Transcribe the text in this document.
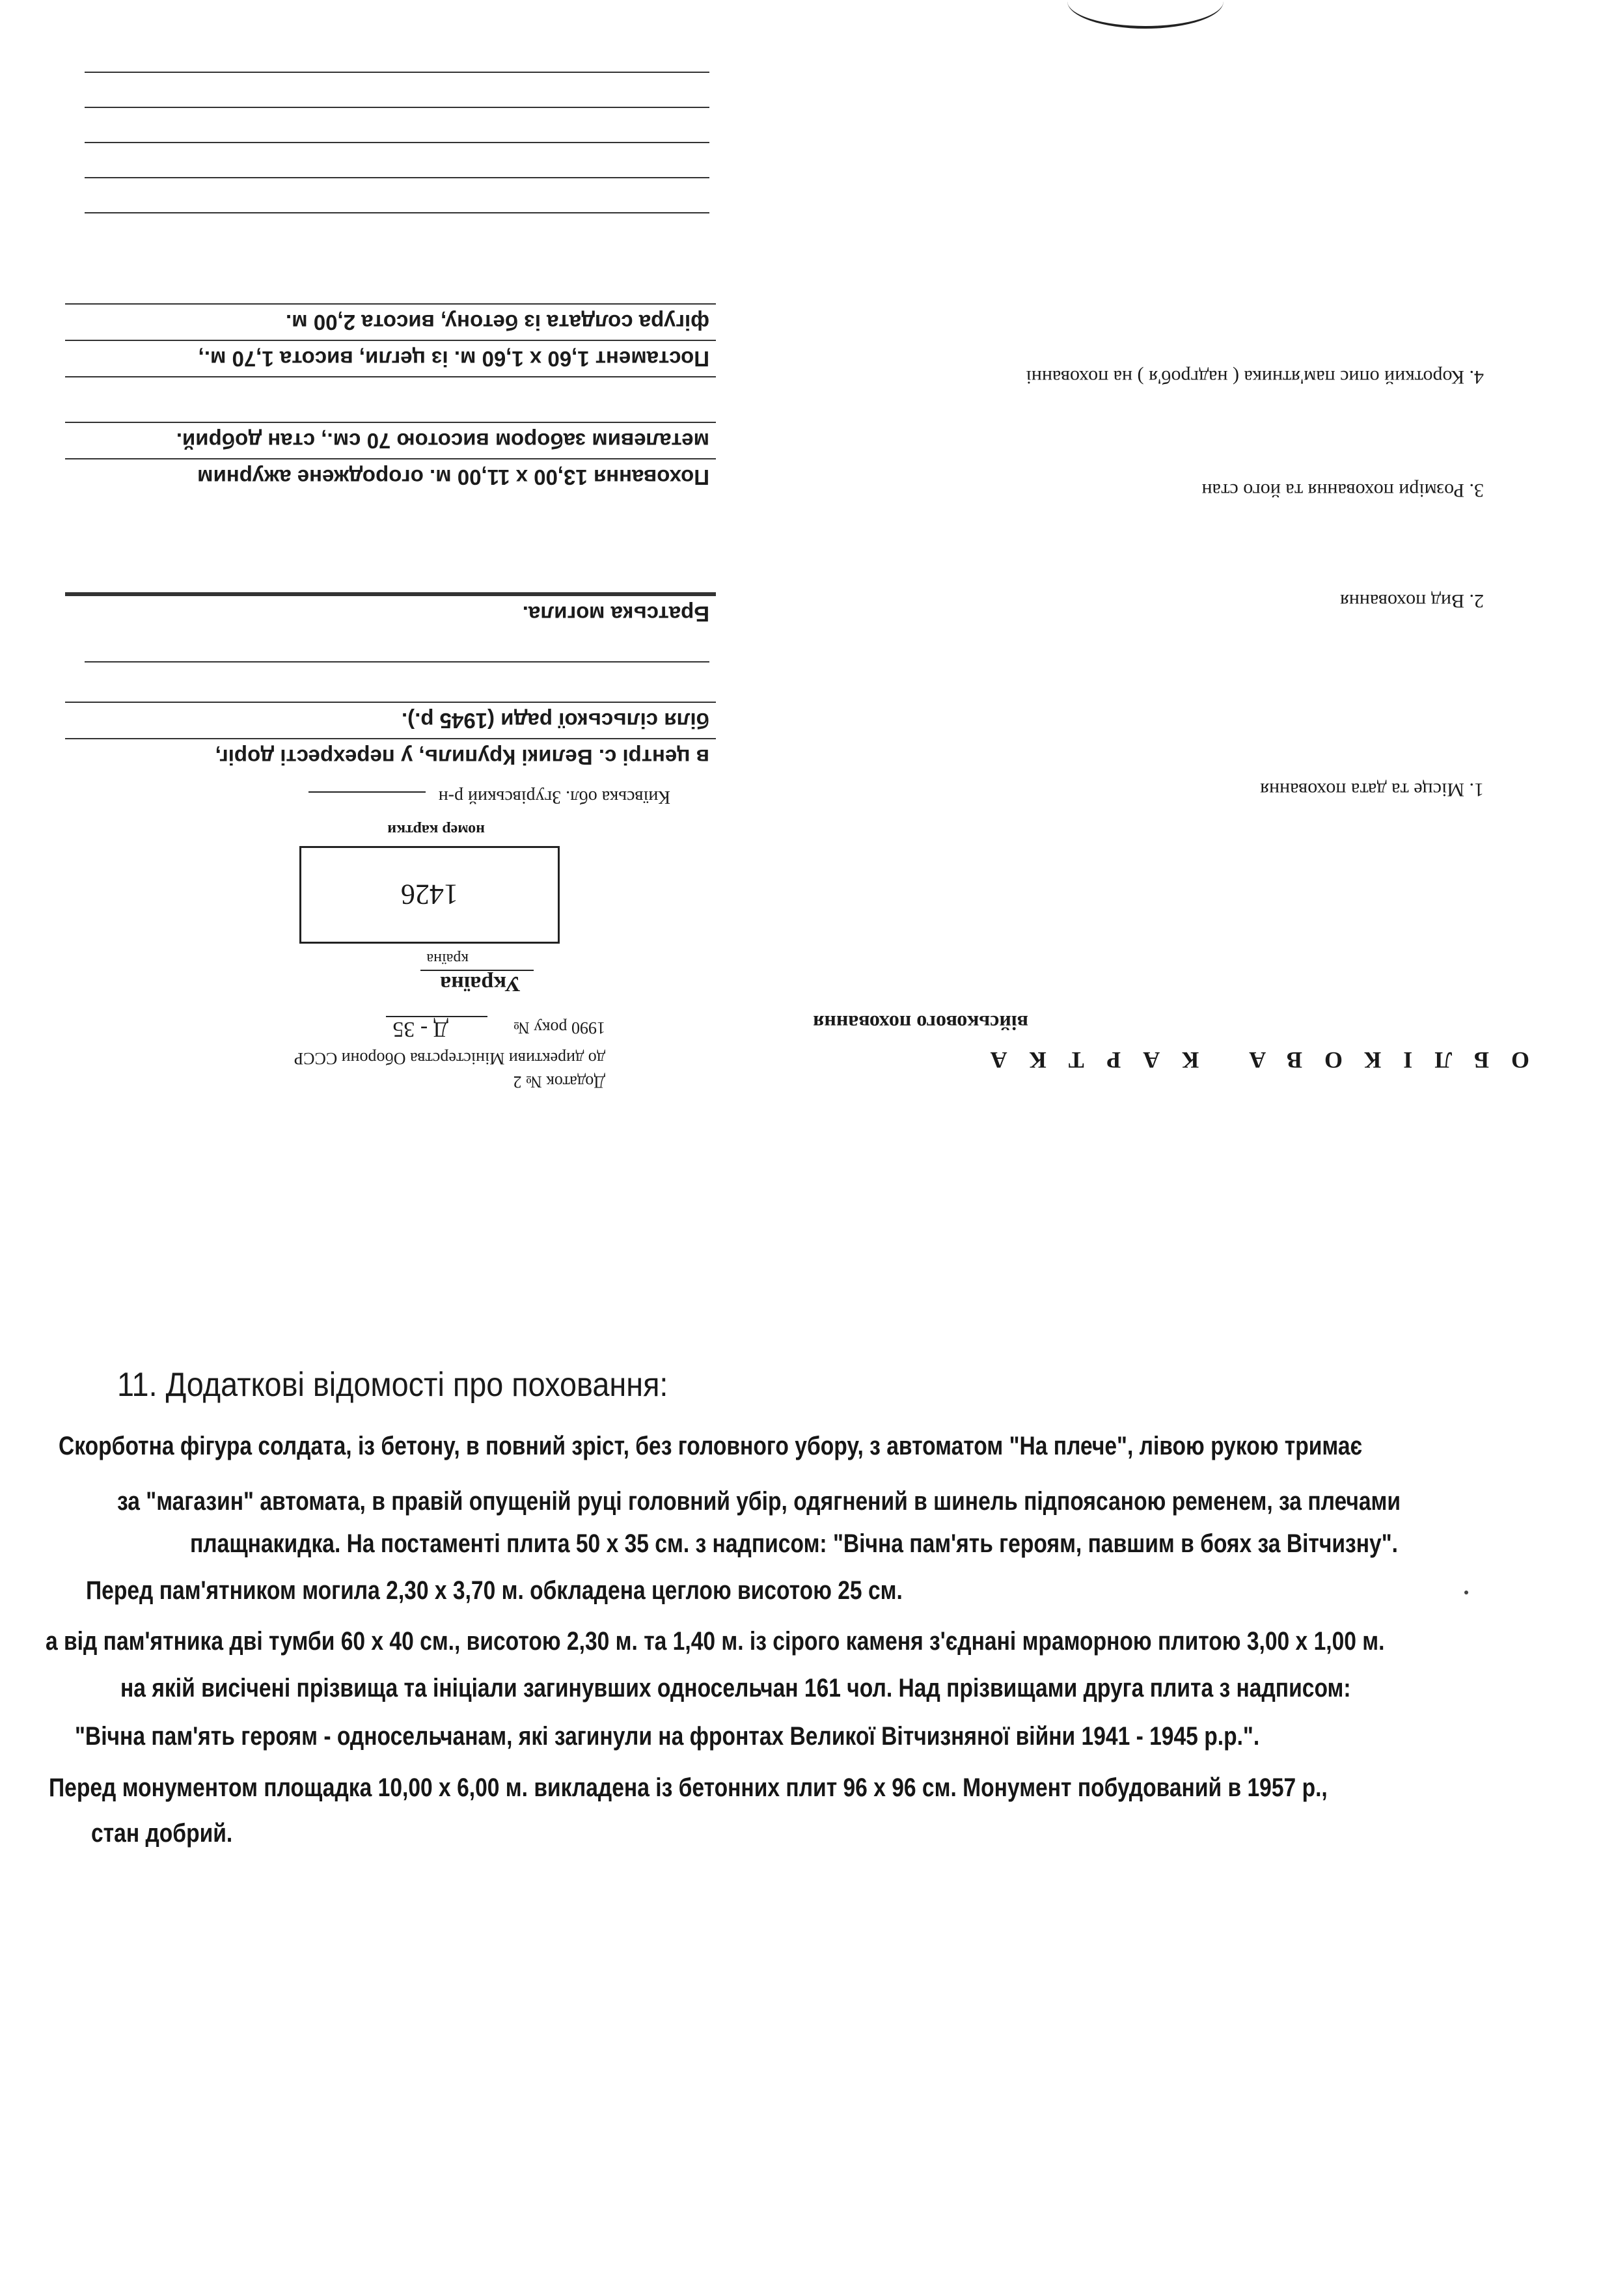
ОБЛІКОВА КАРТКА
військового поховання
1. Місце та дата поховання
2. Вид поховання
3. Розміри поховання та його стан
4. Короткий опис пам'ятника ( надгроб'я ) на похованні
Додаток № 2
до директиви Міністерства Оборони СССР
1990 року №Д - 35
Україна
країна
1426
номер картки
Київська обл. Згурівський р-н
в центрі с. Великі Крупиль, у перехресті доріг,
біля сільської ради (1945 р.).
Братська могила.
Поховання 13,00 х 11,00 м. огороджене ажурним
металевим забором висотою 70 см., стан добрий.
Постамент 1,60 х 1,60 м. із цегли, висота 1,70 м.,
фігура солдата із бетону, висота 2,00 м.
11. Додаткові відомості про поховання:
Скорботна фігура солдата, із бетону, в повний зріст, без головного убору, з автоматом "На плече", лівою рукою тримає
за "магазин" автомата, в правій опущеній руці головний убір, одягнений в шинель підпоясаною ременем, за плечами
плащнакидка. На постаменті плита 50 х 35 см. з надписом: "Вічна пам'ять героям, павшим в боях за Вітчизну".
Перед пам'ятником могила 2,30 х 3,70 м. обкладена цеглою висотою 25 см.
а від пам'ятника дві тумби 60 х 40 см., висотою 2,30 м. та 1,40 м. із сірого каменя з'єднані мраморною плитою 3,00 х 1,00 м.
на якій висічені прізвища та ініціали загинувших односельчан 161 чол. Над прізвищами друга плита з надписом:
"Вічна пам'ять героям - односельчанам, які загинули на фронтах Великої Вітчизняної війни 1941 - 1945 р.р.".
Перед монументом площадка 10,00 х 6,00 м. викладена із бетонних плит 96 х 96 см. Монумент побудований в 1957 р.,
стан добрий.
